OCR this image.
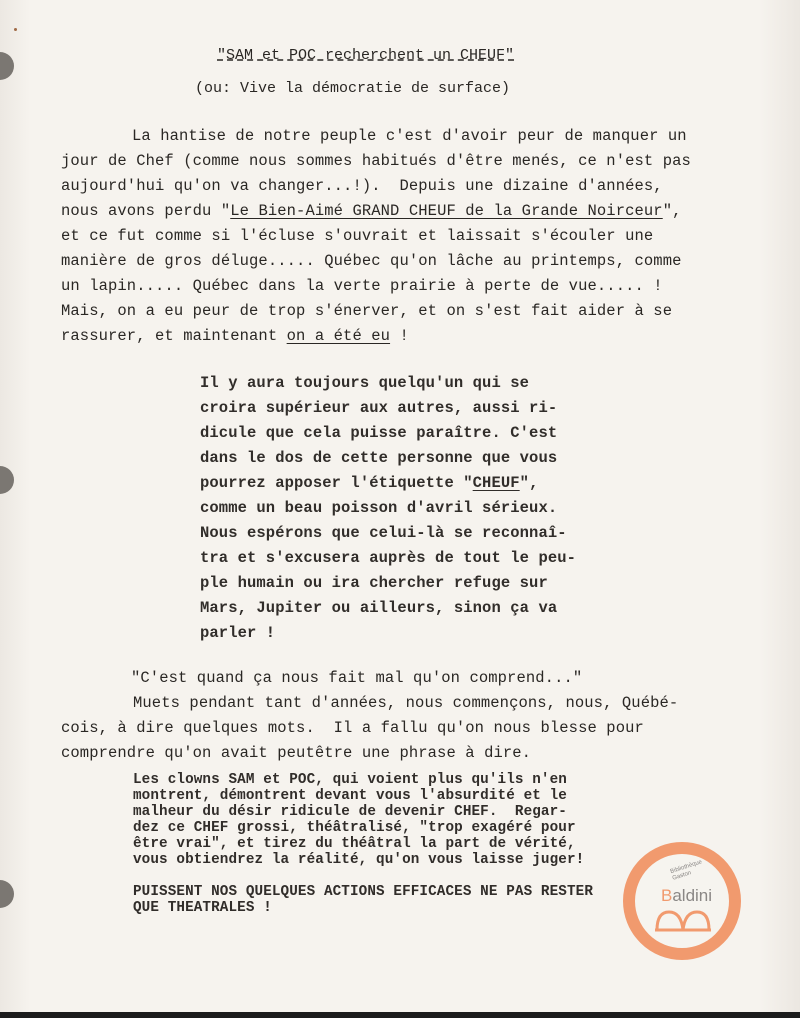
"SAM et POC recherchent un CHEUF"
(ou: Vive la démocratie de surface)
La hantise de notre peuple c'est d'avoir peur de manquer un
jour de Chef (comme nous sommes habitués d'être menés, ce n'est pas
aujourd'hui qu'on va changer...!).  Depuis une dizaine d'années,
nous avons perdu "Le Bien-Aimé GRAND CHEUF de la Grande Noirceur",
et ce fut comme si l'écluse s'ouvrait et laissait s'écouler une
manière de gros déluge..... Québec qu'on lâche au printemps, comme
un lapin..... Québec dans la verte prairie à perte de vue..... !
Mais, on a eu peur de trop s'énerver, et on s'est fait aider à se
rassurer, et maintenant on a été eu !
Il y aura toujours quelqu'un qui se
croira supérieur aux autres, aussi ri-
dicule que cela puisse paraître. C'est
dans le dos de cette personne que vous
pourrez apposer l'étiquette "CHEUF",
comme un beau poisson d'avril sérieux.
Nous espérons que celui-là se reconnaî-
tra et s'excusera auprès de tout le peu-
ple humain ou ira chercher refuge sur
Mars, Jupiter ou ailleurs, sinon ça va
parler !
"C'est quand ça nous fait mal qu'on comprend..."
Muets pendant tant d'années, nous commençons, nous, Québé-
cois, à dire quelques mots.  Il a fallu qu'on nous blesse pour
comprendre qu'on avait peutêtre une phrase à dire.
Les clowns SAM et POC, qui voient plus qu'ils n'en
montrent, démontrent devant vous l'absurdité et le
malheur du désir ridicule de devenir CHEF.  Regar-
dez ce CHEF grossi, théâtralisé, "trop exagéré pour
être vrai", et tirez du théâtral la part de vérité,
vous obtiendrez la réalité, qu'on vous laisse juger!
PUISSENT NOS QUELQUES ACTIONS EFFICACES NE PAS RESTER
QUE THEATRALES !
Bibliothèque
Gaston
Baldini
